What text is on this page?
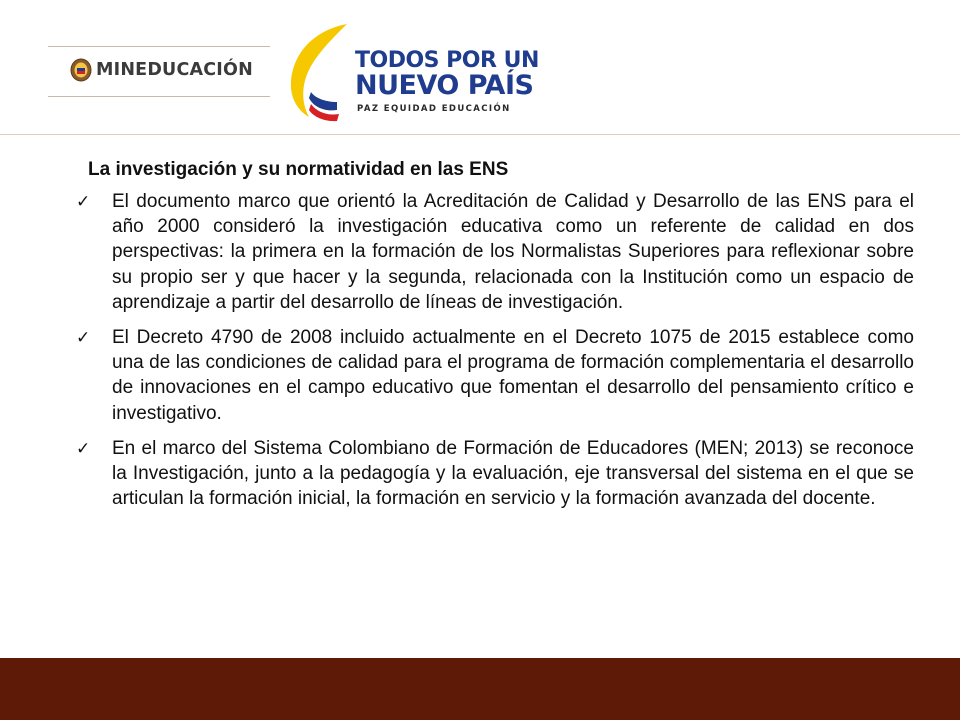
MINEDUCACIÓN	TODOS POR UN
NUEVO PAÍS
PAZ EQUIDAD EDUCACIÓN
La investigación y su normatividad en las ENS
✓ El documento marco que orientó la Acreditación de Calidad y Desarrollo de las ENS para el año 2000 consideró la investigación educativa como un referente de calidad en dos perspectivas: la primera en la formación de los Normalistas Superiores para reflexionar sobre su propio ser y que hacer y la segunda, relacionada con la Institución como un espacio de aprendizaje a partir del desarrollo de líneas de investigación.
✓ El Decreto 4790 de 2008 incluido actualmente en el Decreto 1075 de 2015 establece como una de las condiciones de calidad para el programa de formación complementaria el desarrollo de innovaciones en el campo educativo que fomentan el desarrollo del pensamiento crítico e investigativo.
✓ En el marco del Sistema Colombiano de Formación de Educadores (MEN; 2013) se reconoce la Investigación, junto a la pedagogía y la evaluación, eje transversal del sistema en el que se articulan la formación inicial, la formación en servicio y la formación avanzada del docente.
